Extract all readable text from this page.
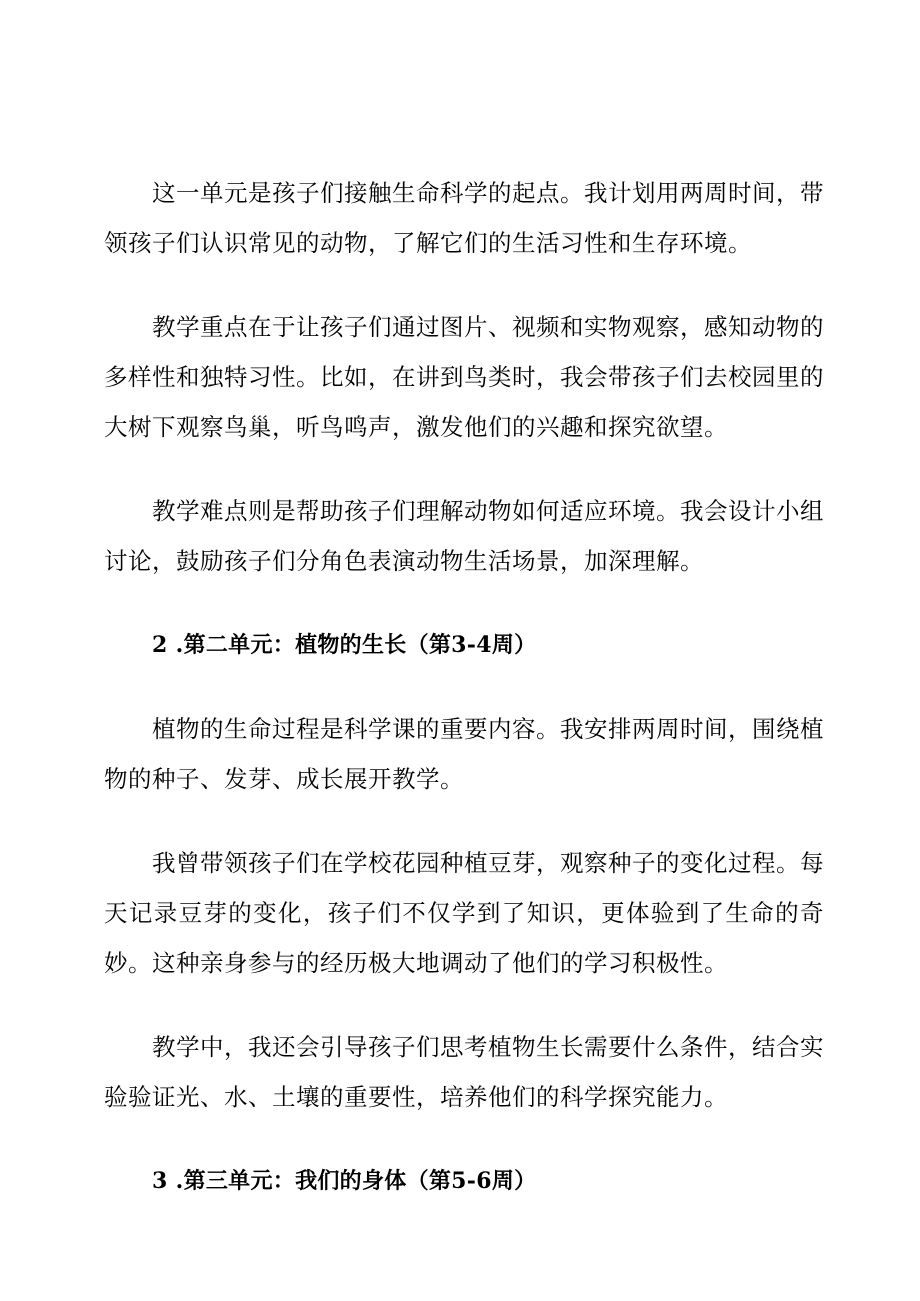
这一单元是孩子们接触生命科学的起点。我计划用两周时间，带领孩子们认识常见的动物，了解它们的生活习性和生存环境。

教学重点在于让孩子们通过图片、视频和实物观察，感知动物的多样性和独特习性。比如，在讲到鸟类时，我会带孩子们去校园里的大树下观察鸟巢，听鸟鸣声，激发他们的兴趣和探究欲望。

教学难点则是帮助孩子们理解动物如何适应环境。我会设计小组讨论，鼓励孩子们分角色表演动物生活场景，加深理解。

2 .第二单元：植物的生长（第3-4周）

植物的生命过程是科学课的重要内容。我安排两周时间，围绕植物的种子、发芽、成长展开教学。

我曾带领孩子们在学校花园种植豆芽，观察种子的变化过程。每天记录豆芽的变化，孩子们不仅学到了知识，更体验到了生命的奇妙。这种亲身参与的经历极大地调动了他们的学习积极性。

教学中，我还会引导孩子们思考植物生长需要什么条件，结合实验验证光、水、土壤的重要性，培养他们的科学探究能力。

3 .第三单元：我们的身体（第5-6周）
